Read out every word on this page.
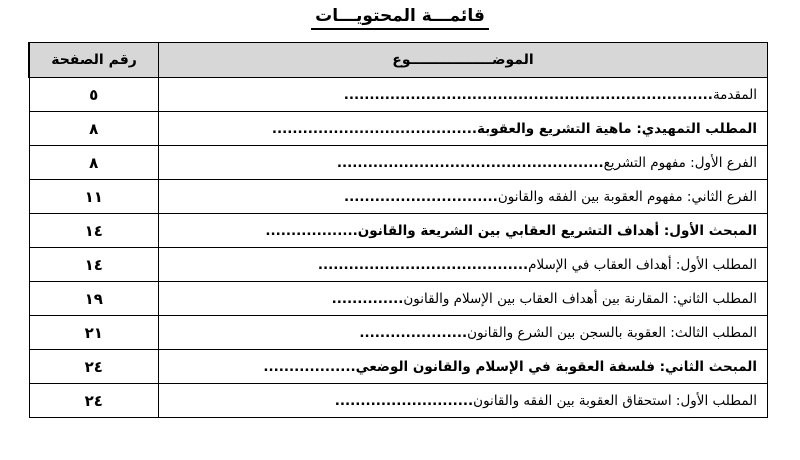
قائمـــة المحتويـــات
الموضـــــــــــــــــوع	رقم الصفحة
المقدمة........................................................................	٥
المطلب التمهيدي: ماهية التشريع والعقوبة........................................	٨
الفرع الأول: مفهوم التشريع....................................................	٨
الفرع الثاني: مفهوم العقوبة بين الفقه والقانون..............................	١١
المبحث الأول: أهداف التشريع العقابي بين الشريعة والقانون..................	١٤
المطلب الأول: أهداف العقاب في الإسلام.........................................	١٤
المطلب الثاني: المقارنة بين أهداف العقاب بين الإسلام والقانون..............	١٩
المطلب الثالث: العقوبة بالسجن بين الشرع والقانون.....................	٢١
المبحث الثاني: فلسفة العقوبة في الإسلام والقانون الوضعي..................	٢٤
المطلب الأول: استحقاق العقوبة بين الفقه والقانون...........................	٢٤
